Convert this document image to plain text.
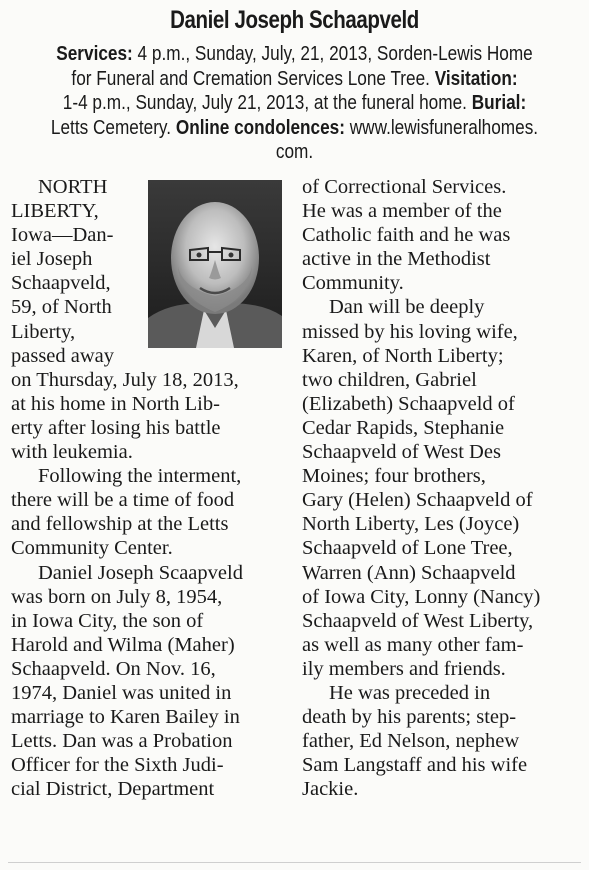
Daniel Joseph Schaapveld
Services: 4 p.m., Sunday, July, 21, 2013, Sorden-Lewis Home
for Funeral and Cremation Services Lone Tree. Visitation:
1-4 p.m., Sunday, July 21, 2013, at the funeral home. Burial:
Letts Cemetery. Online condolences: www.lewisfuneralhomes.
com.
NORTH
LIBERTY,
Iowa—Dan-
iel Joseph
Schaapveld,
59, of North
Liberty,
passed away
on Thursday, July 18, 2013,
at his home in North Lib-
erty after losing his battle
with leukemia.
Following the interment,
there will be a time of food
and fellowship at the Letts
Community Center.
Daniel Joseph Scaapveld
was born on July 8, 1954,
in Iowa City, the son of
Harold and Wilma (Maher)
Schaapveld. On Nov. 16,
1974, Daniel was united in
marriage to Karen Bailey in
Letts. Dan was a Probation
Officer for the Sixth Judi-
cial District, Department
of Correctional Services.
He was a member of the
Catholic faith and he was
active in the Methodist
Community.
Dan will be deeply
missed by his loving wife,
Karen, of North Liberty;
two children, Gabriel
(Elizabeth) Schaapveld of
Cedar Rapids, Stephanie
Schaapveld of West Des
Moines; four brothers,
Gary (Helen) Schaapveld of
North Liberty, Les (Joyce)
Schaapveld of Lone Tree,
Warren (Ann) Schaapveld
of Iowa City, Lonny (Nancy)
Schaapveld of West Liberty,
as well as many other fam-
ily members and friends.
He was preceded in
death by his parents; step-
father, Ed Nelson, nephew
Sam Langstaff and his wife
Jackie.
